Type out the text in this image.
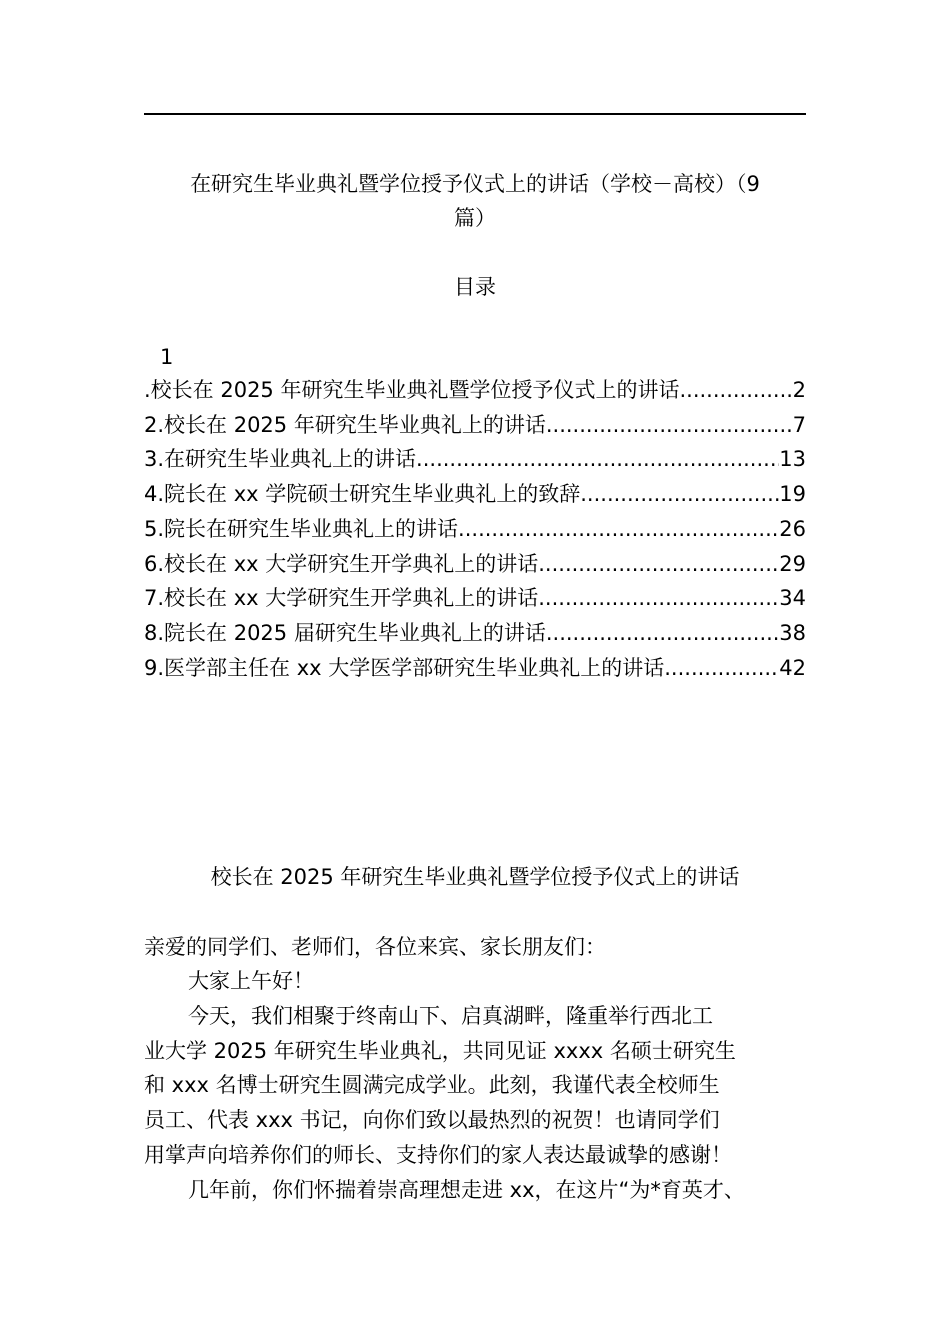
在研究生毕业典礼暨学位授予仪式上的讲话（学校－高校）（9
篇）
目录
1
.校长在 2025 年研究生毕业典礼暨学位授予仪式上的讲话 .....	2
2.校长在 2025 年研究生毕业典礼上的讲话 .....	7
3.在研究生毕业典礼上的讲话 .....	13
4.院长在 xx 学院硕士研究生毕业典礼上的致辞 .....	19
5.院长在研究生毕业典礼上的讲话 .....	26
6.校长在 xx 大学研究生开学典礼上的讲话 .....	29
7.校长在 xx 大学研究生开学典礼上的讲话 .....	34
8.院长在 2025 届研究生毕业典礼上的讲话 .....	38
9.医学部主任在 xx 大学医学部研究生毕业典礼上的讲话 .....	42
校长在 2025 年研究生毕业典礼暨学位授予仪式上的讲话
亲爱的同学们、老师们，各位来宾、家长朋友们：
大家上午好！
今天，我们相聚于终南山下、启真湖畔，隆重举行西北工
业大学 2025 年研究生毕业典礼，共同见证 xxxx 名硕士研究生
和 xxx 名博士研究生圆满完成学业。此刻，我谨代表全校师生
员工、代表 xxx 书记，向你们致以最热烈的祝贺！也请同学们
用掌声向培养你们的师长、支持你们的家人表达最诚挚的感谢！
几年前，你们怀揣着崇高理想走进 xx，在这片“为*育英才、
